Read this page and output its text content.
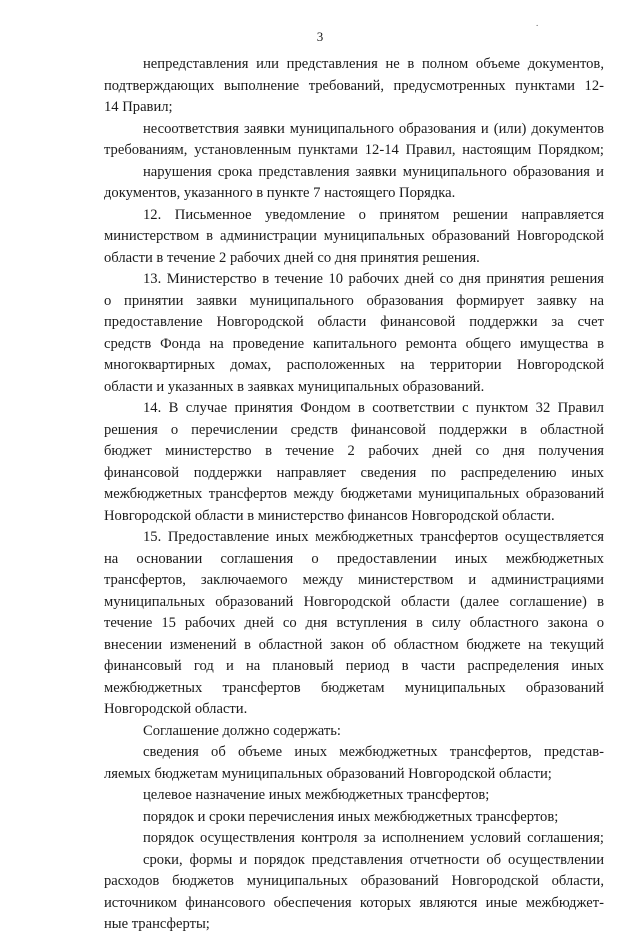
.
3
непредставления или представления не в полном объеме документов,
подтверждающих выполнение требований, предусмотренных пунктами 12-
14 Правил;
несоответствия заявки муниципального образования и (или) документов
требованиям, установленным пунктами 12-14 Правил, настоящим Порядком;
нарушения срока представления заявки муниципального образования и
документов, указанного в пункте 7 настоящего Порядка.
12. Письменное уведомление о принятом решении направляется
министерством в администрации муниципальных образований Новгородской
области в течение 2 рабочих дней со дня принятия решения.
13. Министерство в течение 10 рабочих дней со дня принятия решения
о принятии заявки муниципального образования формирует заявку на
предоставление Новгородской области финансовой поддержки за счет
средств Фонда на проведение капитального ремонта общего имущества в
многоквартирных домах, расположенных на территории Новгородской
области и указанных в заявках муниципальных образований.
14. В случае принятия Фондом в соответствии с пунктом 32 Правил
решения о перечислении средств финансовой поддержки в областной
бюджет министерство в течение 2 рабочих дней со дня получения
финансовой поддержки направляет сведения по распределению иных
межбюджетных трансфертов между бюджетами муниципальных образований
Новгородской области в министерство финансов Новгородской области.
15. Предоставление иных межбюджетных трансфертов осуществляется
на основании соглашения о предоставлении иных межбюджетных
трансфертов, заключаемого между министерством и администрациями
муниципальных образований Новгородской области (далее соглашение) в
течение 15 рабочих дней со дня вступления в силу областного закона о
внесении изменений в областной закон об областном бюджете на текущий
финансовый год и на плановый период в части распределения иных
межбюджетных трансфертов бюджетам муниципальных образований
Новгородской области.
Соглашение должно содержать:
сведения об объеме иных межбюджетных трансфертов, представ-
ляемых бюджетам муниципальных образований Новгородской области;
целевое назначение иных межбюджетных трансфертов;
порядок и сроки перечисления иных межбюджетных трансфертов;
порядок осуществления контроля за исполнением условий соглашения;
сроки, формы и порядок представления отчетности об осуществлении
расходов бюджетов муниципальных образований Новгородской области,
источником финансового обеспечения которых являются иные межбюджет-
ные трансферты;
